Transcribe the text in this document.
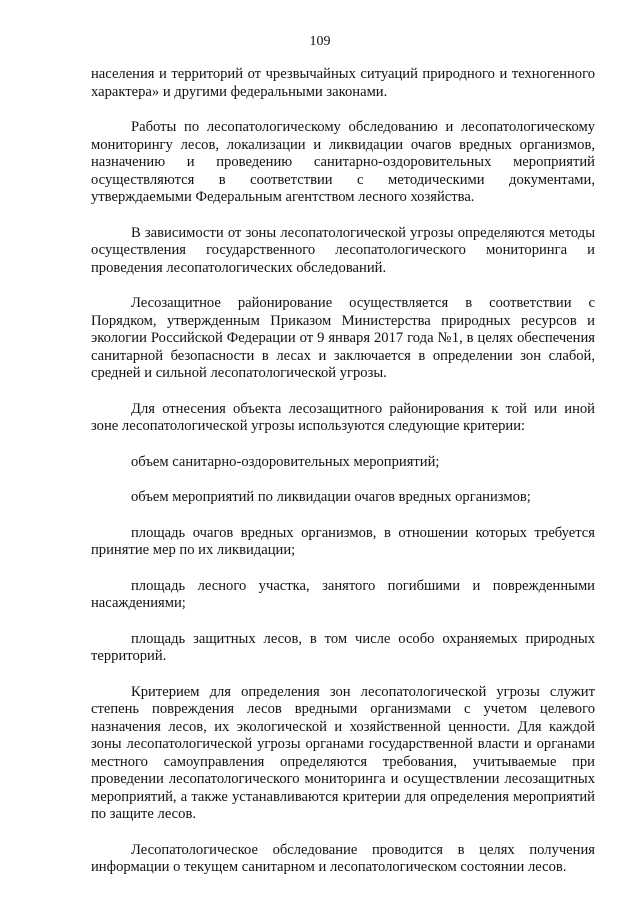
109

населения и территорий от чрезвычайных ситуаций природного и техногенного характера» и другими федеральными законами.

Работы по лесопатологическому обследованию и лесопатологическому мониторингу лесов, локализации и ликвидации очагов вредных организмов, назначению и проведению санитарно-оздоровительных мероприятий осуществляются в соответствии с методическими документами, утверждаемыми Федеральным агентством лесного хозяйства.

В зависимости от зоны лесопатологической угрозы определяются методы осуществления государственного лесопатологического мониторинга и проведения лесопатологических обследований.

Лесозащитное районирование осуществляется в соответствии с Порядком, утвержденным Приказом Министерства природных ресурсов и экологии Российской Федерации от 9 января 2017 года №1, в целях обеспечения санитарной безопасности в лесах и заключается в определении зон слабой, средней и сильной лесопатологической угрозы.

Для отнесения объекта лесозащитного районирования к той или иной зоне лесопатологической угрозы используются следующие критерии:

объем санитарно-оздоровительных мероприятий;

объем мероприятий по ликвидации очагов вредных организмов;

площадь очагов вредных организмов, в отношении которых требуется принятие мер по их ликвидации;

площадь лесного участка, занятого погибшими и поврежденными насаждениями;

площадь защитных лесов, в том числе особо охраняемых природных территорий.

Критерием для определения зон лесопатологической угрозы служит степень повреждения лесов вредными организмами с учетом целевого назначения лесов, их экологической и хозяйственной ценности. Для каждой зоны лесопатологической угрозы органами государственной власти и органами местного самоуправления определяются требования, учитываемые при проведении лесопатологического мониторинга и осуществлении лесозащитных мероприятий, а также устанавливаются критерии для определения мероприятий по защите лесов.

Лесопатологическое обследование проводится в целях получения информации о текущем санитарном и лесопатологическом состоянии лесов.
